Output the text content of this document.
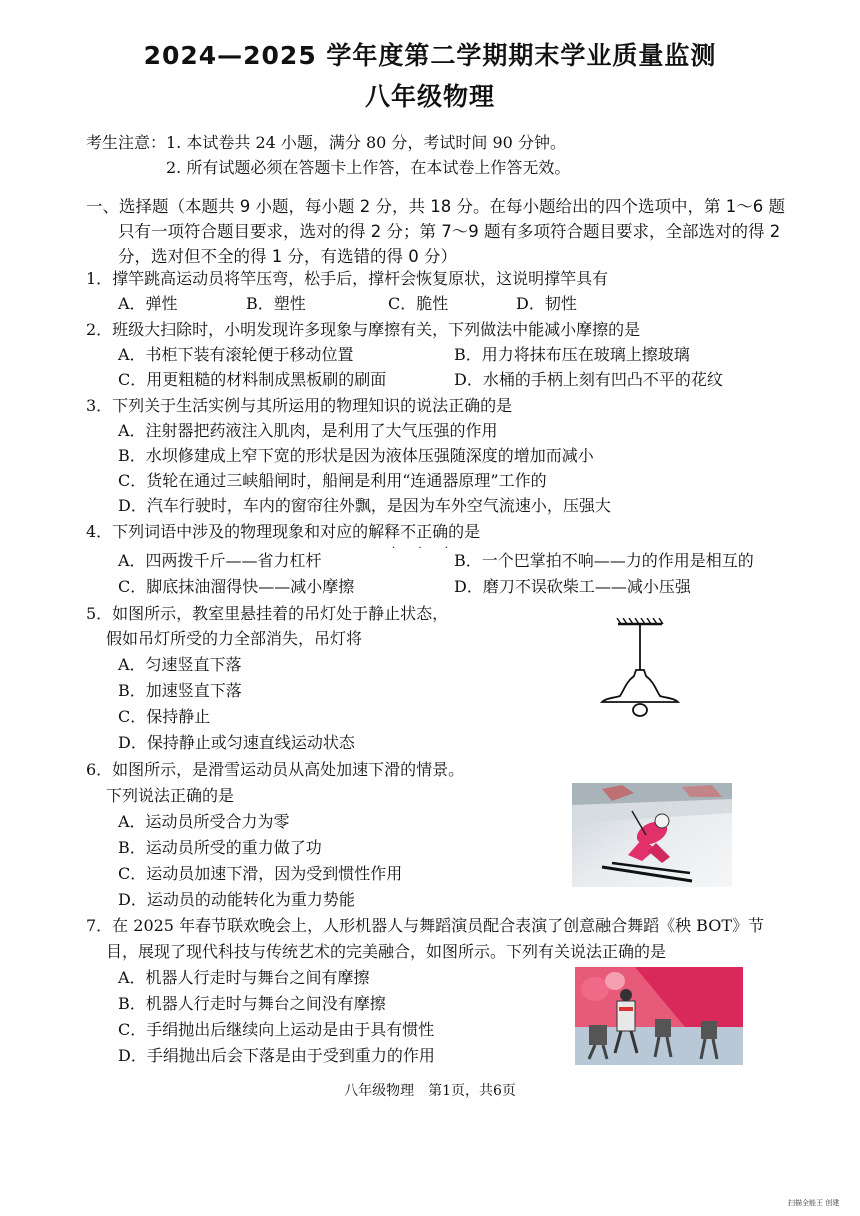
2024—2025 学年度第二学期期末学业质量监测
八年级物理
考生注意： 1. 本试卷共 24 小题，满分 80 分，考试时间 90 分钟。
2. 所有试题必须在答题卡上作答，在本试卷上作答无效。
一、选择题（本题共 9 小题，每小题 2 分，共 18 分。在每小题给出的四个选项中，第 1～6 题
只有一项符合题目要求，选对的得 2 分；第 7～9 题有多项符合题目要求，全部选对的得 2
分，选对但不全的得 1 分，有选错的得 0 分）
1．撑竿跳高运动员将竿压弯，松手后，撑杆会恢复原状，这说明撑竿具有
A．弹性	B．塑性	C．脆性	D．韧性
2．班级大扫除时，小明发现许多现象与摩擦有关，下列做法中能减小摩擦的是
A．书柜下装有滚轮便于移动位置	B．用力将抹布压在玻璃上擦玻璃
C．用更粗糙的材料制成黑板刷的刷面	D．水桶的手柄上刻有凹凸不平的花纹
3．下列关于生活实例与其所运用的物理知识的说法正确的是
A．注射器把药液注入肌肉，是利用了大气压强的作用
B．水坝修建成上窄下宽的形状是因为液体压强随深度的增加而减小
C．货轮在通过三峡船闸时，船闸是利用“连通器原理”工作的
D．汽车行驶时，车内的窗帘往外飘，是因为车外空气流速小，压强大
4．下列词语中涉及的物理现象和对应的解释不正确的是
· · ·
A．四两拨千斤——省力杠杆	B．一个巴掌拍不响——力的作用是相互的
C．脚底抹油溜得快——减小摩擦	D．磨刀不误砍柴工——减小压强
5．如图所示，教室里悬挂着的吊灯处于静止状态，
假如吊灯所受的力全部消失，吊灯将
A．匀速竖直下落
B．加速竖直下落
C．保持静止
D．保持静止或匀速直线运动状态
6．如图所示，是滑雪运动员从高处加速下滑的情景。
下列说法正确的是
A．运动员所受合力为零
B．运动员所受的重力做了功
C．运动员加速下滑，因为受到惯性作用
D．运动员的动能转化为重力势能
7．在 2025 年春节联欢晚会上，人形机器人与舞蹈演员配合表演了创意融合舞蹈《秧 BOT》节
目，展现了现代科技与传统艺术的完美融合，如图所示。下列有关说法正确的是
A．机器人行走时与舞台之间有摩擦
B．机器人行走时与舞台之间没有摩擦
C．手绢抛出后继续向上运动是由于具有惯性
D．手绢抛出后会下落是由于受到重力的作用
八年级物理　第1页，共6页
扫描全能王 创建
